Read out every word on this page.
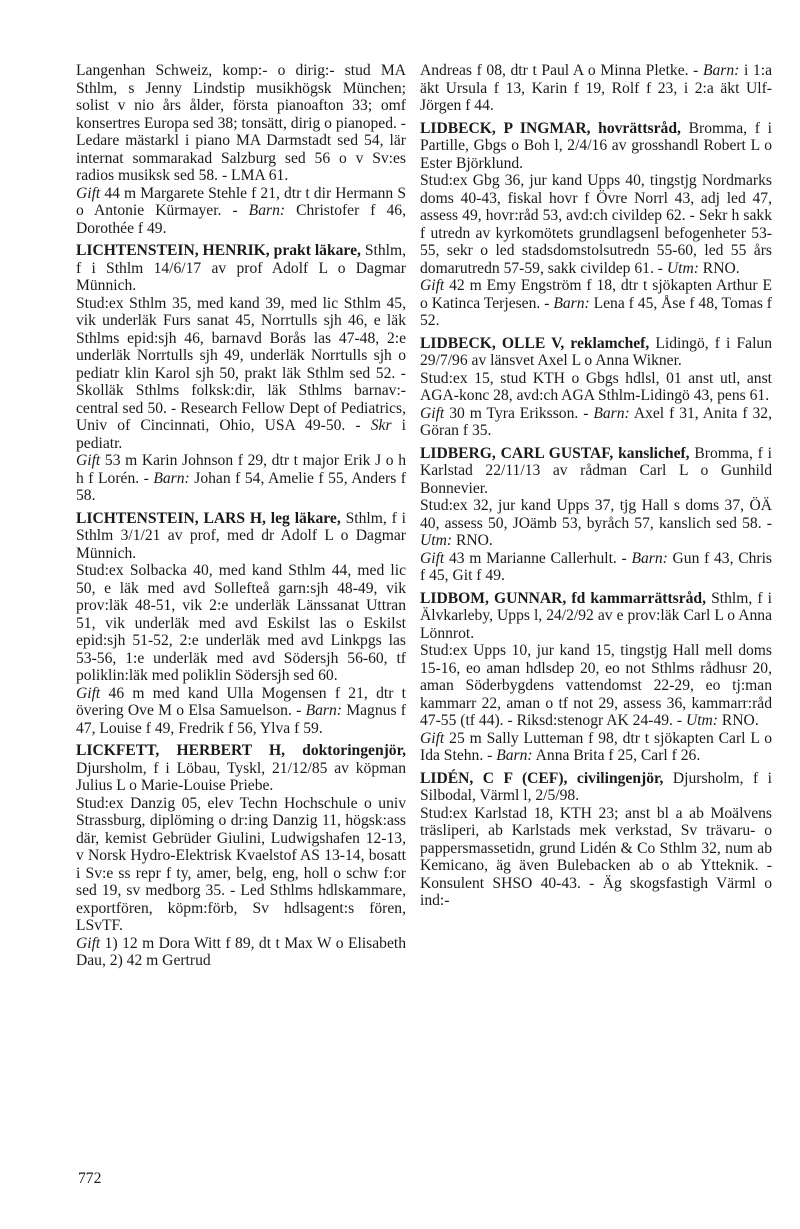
Langenhan Schweiz, komp:- o dirig:- stud MA Sthlm, s Jenny Lindstip musikhögsk München; solist v nio års ålder, första pianoafton 33; omf konsertres Europa sed 38; tonsätt, dirig o pianoped. - Ledare mästarkl i piano MA Darmstadt sed 54, lär internat sommarakad Salzburg sed 56 o v Sv:es radios musiksk sed 58. - LMA 61.

Gift 44 m Margarete Stehle f 21, dtr t dir Hermann S o Antonie Kürmayer. - Barn: Christofer f 46, Dorothée f 49.

LICHTENSTEIN, HENRIK, prakt läkare, Sthlm, f i Sthlm 14/6/17 av prof Adolf L o Dagmar Münnich.

Stud:ex Sthlm 35, med kand 39, med lic Sthlm 45, vik underläk Furs sanat 45, Norrtulls sjh 46, e läk Sthlms epid:sjh 46, barnavd Borås las 47-48, 2:e underläk Norrtulls sjh 49, underläk Norrtulls sjh o pediatr klin Karol sjh 50, prakt läk Sthlm sed 52. - Skolläk Sthlms folksk:dir, läk Sthlms barnav:-central sed 50. - Research Fellow Dept of Pediatrics, Univ of Cincinnati, Ohio, USA 49-50. - Skr i pediatr.

Gift 53 m Karin Johnson f 29, dtr t major Erik J o h h f Lorén. - Barn: Johan f 54, Amelie f 55, Anders f 58.

LICHTENSTEIN, LARS H, leg läkare, Sthlm, f i Sthlm 3/1/21 av prof, med dr Adolf L o Dagmar Münnich.

Stud:ex Solbacka 40, med kand Sthlm 44, med lic 50, e läk med avd Sollefteå garn:sjh 48-49, vik prov:läk 48-51, vik 2:e underläk Länssanat Uttran 51, vik underläk med avd Eskilst las o Eskilst epid:sjh 51-52, 2:e underläk med avd Linkpgs las 53-56, 1:e underläk med avd Södersjh 56-60, tf poliklin:läk med poliklin Södersjh sed 60.

Gift 46 m med kand Ulla Mogensen f 21, dtr t övering Ove M o Elsa Samuelson. - Barn: Magnus f 47, Louise f 49, Fredrik f 56, Ylva f 59.

LICKFETT, HERBERT H, doktoringenjör, Djursholm, f i Löbau, Tyskl, 21/12/85 av köpman Julius L o Marie-Louise Priebe.

Stud:ex Danzig 05, elev Techn Hochschule o univ Strassburg, diplöming o dr:ing Danzig 11, högsk:ass där, kemist Gebrüder Giulini, Ludwigshafen 12-13, v Norsk Hydro-Elektrisk Kvaelstof AS 13-14, bosatt i Sv:e ss repr f ty, amer, belg, eng, holl o schw f:or sed 19, sv medborg 35. - Led Sthlms hdlskammare, exportfören, köpm:förb, Sv hdlsagent:s fören, LSvTF.

Gift 1) 12 m Dora Witt f 89, dt t Max W o Elisabeth Dau, 2) 42 m Gertrud

Andreas f 08, dtr t Paul A o Minna Pletke. - Barn: i 1:a äkt Ursula f 13, Karin f 19, Rolf f 23, i 2:a äkt Ulf-Jörgen f 44.

LIDBECK, P INGMAR, hovrättsråd, Bromma, f i Partille, Gbgs o Boh l, 2/4/16 av grosshandl Robert L o Ester Björklund.

Stud:ex Gbg 36, jur kand Upps 40, tingstjg Nordmarks doms 40-43, fiskal hovr f Övre Norrl 43, adj led 47, assess 49, hovr:råd 53, avd:ch civildep 62. - Sekr h sakk f utredn av kyrkomötets grundlagsenl befogenheter 53-55, sekr o led stadsdomstolsutredn 55-60, led 55 års domarutredn 57-59, sakk civildep 61. - Utm: RNO.

Gift 42 m Emy Engström f 18, dtr t sjökapten Arthur E o Katinca Terjesen. - Barn: Lena f 45, Åse f 48, Tomas f 52.

LIDBECK, OLLE V, reklamchef, Lidingö, f i Falun 29/7/96 av länsvet Axel L o Anna Wikner.

Stud:ex 15, stud KTH o Gbgs hdlsl, 01 anst utl, anst AGA-konc 28, avd:ch AGA Sthlm-Lidingö 43, pens 61.

Gift 30 m Tyra Eriksson. - Barn: Axel f 31, Anita f 32, Göran f 35.

LIDBERG, CARL GUSTAF, kanslichef, Bromma, f i Karlstad 22/11/13 av rådman Carl L o Gunhild Bonnevier.

Stud:ex 32, jur kand Upps 37, tjg Hall s doms 37, ÖÄ 40, assess 50, JOämb 53, byråch 57, kanslich sed 58. - Utm: RNO.

Gift 43 m Marianne Callerhult. - Barn: Gun f 43, Chris f 45, Git f 49.

LIDBOM, GUNNAR, fd kammarrättsråd, Sthlm, f i Älvkarleby, Upps l, 24/2/92 av e prov:läk Carl L o Anna Lönnrot.

Stud:ex Upps 10, jur kand 15, tingstjg Hall mell doms 15-16, eo aman hdlsdep 20, eo not Sthlms rådhusr 20, aman Söderbygdens vattendomst 22-29, eo tj:man kammarr 22, aman o tf not 29, assess 36, kammarr:råd 47-55 (tf 44). - Riksd:stenogr AK 24-49. - Utm: RNO.

Gift 25 m Sally Lutteman f 98, dtr t sjökapten Carl L o Ida Stehn. - Barn: Anna Brita f 25, Carl f 26.

LIDÉN, C F (CEF), civilingenjör, Djursholm, f i Silbodal, Värml l, 2/5/98.

Stud:ex Karlstad 18, KTH 23; anst bl a ab Moälvens träsliperi, ab Karlstads mek verkstad, Sv trävaru- o pappersmassetidn, grund Lidén & Co Sthlm 32, num ab Kemicano, äg även Bulebacken ab o ab Ytteknik. - Konsulent SHSO 40-43. - Äg skogsfastigh Värml o ind:-

772
